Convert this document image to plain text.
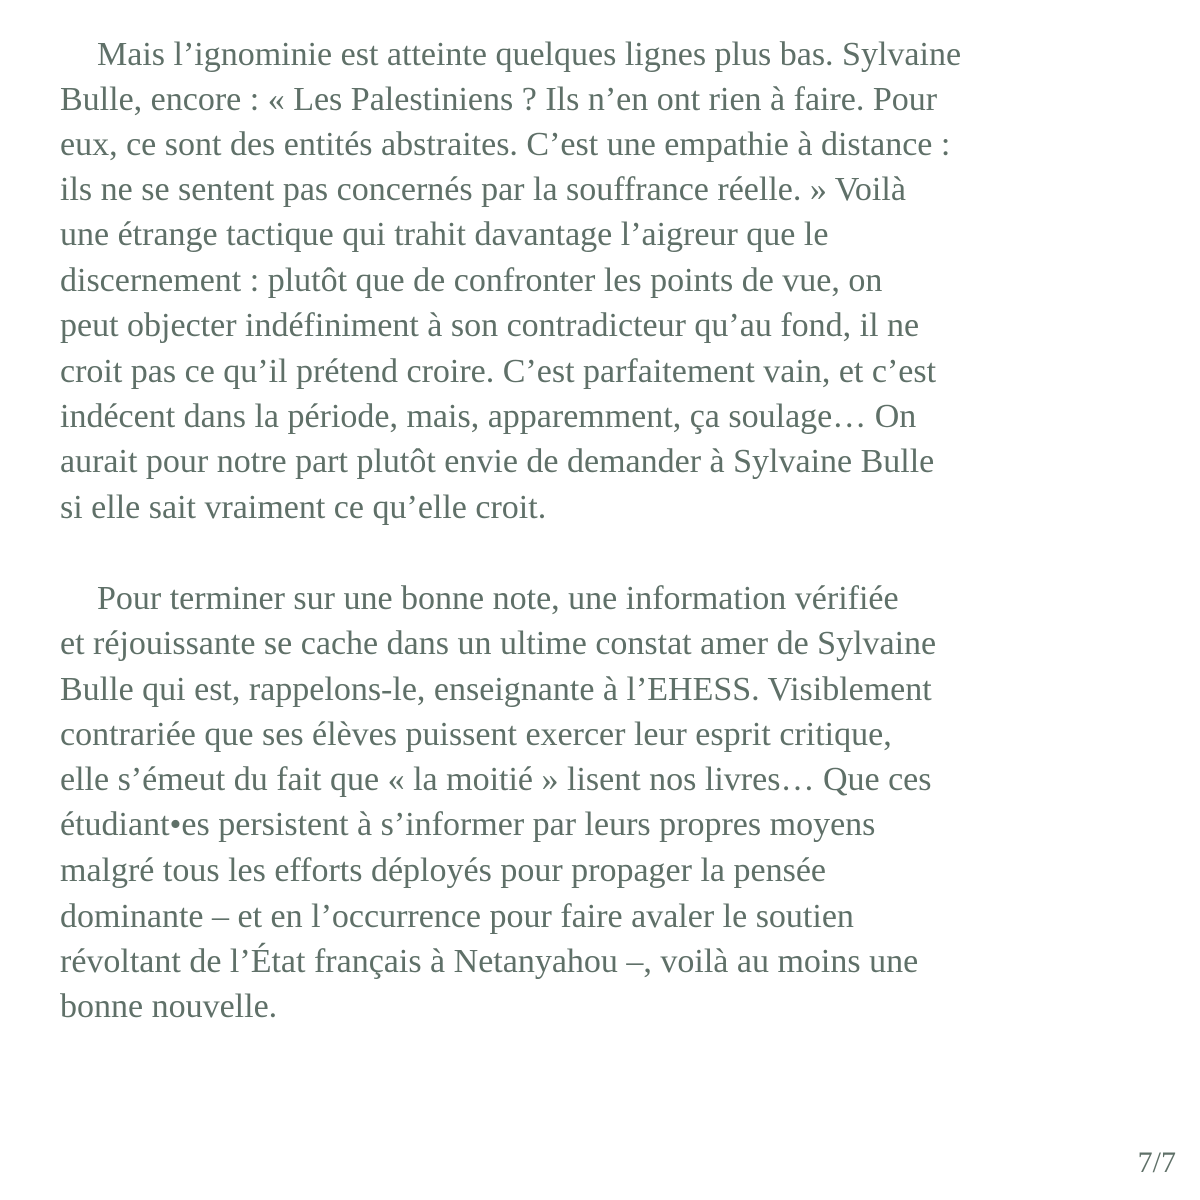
Mais l’ignominie est atteinte quelques lignes plus bas. Sylvaine

Bulle, encore : « Les Palestiniens ? Ils n’en ont rien à faire. Pour

eux, ce sont des entités abstraites. C’est une empathie à distance :

ils ne se sentent pas concernés par la souffrance réelle. » Voilà

une étrange tactique qui trahit davantage l’aigreur que le

discernement : plutôt que de confronter les points de vue, on

peut objecter indéfiniment à son contradicteur qu’au fond, il ne

croit pas ce qu’il prétend croire. C’est parfaitement vain, et c’est

indécent dans la période, mais, apparemment, ça soulage… On

aurait pour notre part plutôt envie de demander à Sylvaine Bulle

si elle sait vraiment ce qu’elle croit.

Pour terminer sur une bonne note, une information vérifiée

et réjouissante se cache dans un ultime constat amer de Sylvaine

Bulle qui est, rappelons-le, enseignante à l’EHESS. Visiblement

contrariée que ses élèves puissent exercer leur esprit critique,

elle s’émeut du fait que « la moitié » lisent nos livres… Que ces

étudiant•es persistent à s’informer par leurs propres moyens

malgré tous les efforts déployés pour propager la pensée

dominante – et en l’occurrence pour faire avaler le soutien

révoltant de l’État français à Netanyahou –, voilà au moins une

bonne nouvelle.

7/7
